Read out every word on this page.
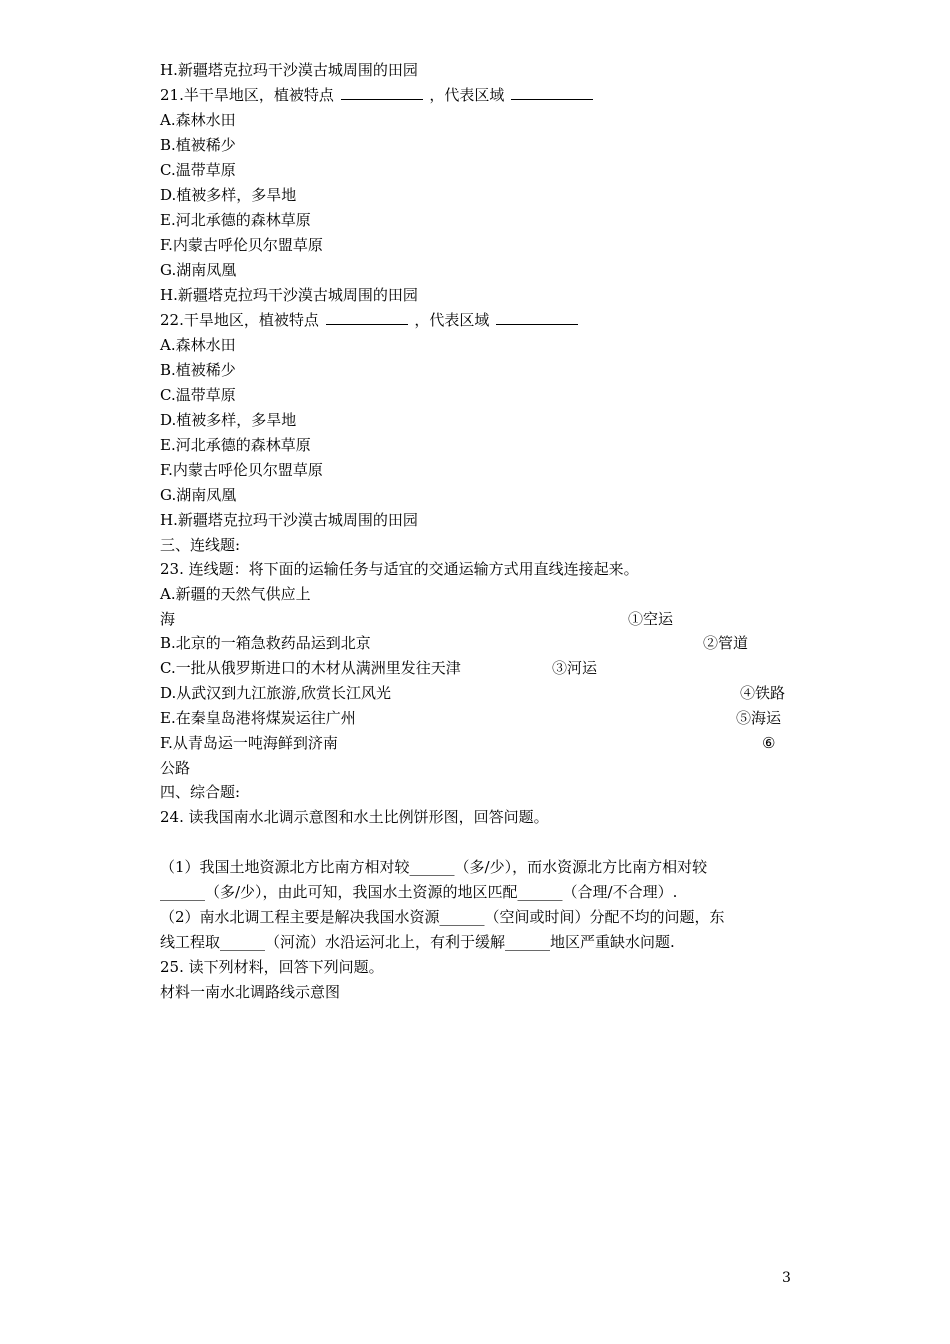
H.新疆塔克拉玛干沙漠古城周围的田园
21.半干旱地区，植被特点	，代表区域
A.森林水田
B.植被稀少
C.温带草原
D.植被多样，多旱地
E.河北承德的森林草原
F.内蒙古呼伦贝尔盟草原
G.湖南凤凰
H.新疆塔克拉玛干沙漠古城周围的田园
22.干旱地区，植被特点	，代表区域
A.森林水田
B.植被稀少
C.温带草原
D.植被多样，多旱地
E.河北承德的森林草原
F.内蒙古呼伦贝尔盟草原
G.湖南凤凰
H.新疆塔克拉玛干沙漠古城周围的田园
三、连线题:
23. 连线题：将下面的运输任务与适宜的交通运输方式用直线连接起来。
A.新疆的天然气供应上
海	①空运
B.北京的一箱急救药品运到北京	②管道
C.一批从俄罗斯进口的木材从满洲里发往天津	③河运
D.从武汉到九江旅游,欣赏长江风光	④铁路
E.在秦皇岛港将煤炭运往广州	⑤海运
F.从青岛运一吨海鲜到济南	⑥
公路
四、综合题:
24. 读我国南水北调示意图和水土比例饼形图，回答问题。
（1）我国土地资源北方比南方相对较______（多/少），而水资源北方比南方相对较
______（多/少），由此可知，我国水土资源的地区匹配______（合理/不合理）.
（2）南水北调工程主要是解决我国水资源______（空间或时间）分配不均的问题，东
线工程取______（河流）水沿运河北上，有利于缓解______地区严重缺水问题.
25. 读下列材料，回答下列问题。
材料一南水北调路线示意图
3
